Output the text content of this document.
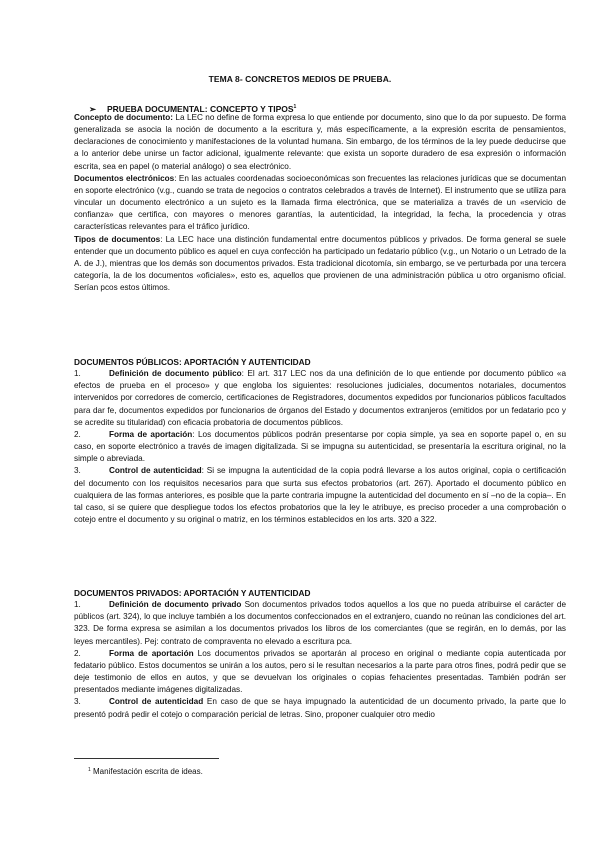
TEMA 8- CONCRETOS MEDIOS DE PRUEBA.
➢ PRUEBA DOCUMENTAL: CONCEPTO Y TIPOS$^1$

Concepto de documento: La LEC no define de forma expresa lo que entiende por documento, sino que lo da por supuesto. De forma generalizada se asocia la noción de documento a la escritura y, más específicamente, a la expresión escrita de pensamientos, declaraciones de conocimiento y manifestaciones de la voluntad humana. Sin embargo, de los términos de la ley puede deducirse que a lo anterior debe unirse un factor adicional, igualmente relevante: que exista un soporte duradero de esa expresión o información escrita, sea en papel (o material análogo) o sea electrónico.

Documentos electrónicos: En las actuales coordenadas socioeconómicas son frecuentes las relaciones jurídicas que se documentan en soporte electrónico (v.g., cuando se trata de negocios o contratos celebrados a través de Internet). El instrumento que se utiliza para vincular un documento electrónico a un sujeto es la llamada firma electrónica, que se materializa a través de un «servicio de confianza» que certifica, con mayores o menores garantías, la autenticidad, la integridad, la fecha, la procedencia y otras características relevantes para el tráfico jurídico.

Tipos de documentos: La LEC hace una distinción fundamental entre documentos públicos y privados. De forma general se suele entender que un documento público es aquel en cuya confección ha participado un fedatario público (v.g., un Notario o un Letrado de la A. de J.), mientras que los demás son documentos privados. Esta tradicional dicotomía, sin embargo, se ve perturbada por una tercera categoría, la de los documentos «oficiales», esto es, aquellos que provienen de una administración pública u otro organismo oficial. Serían pcos estos últimos.

DOCUMENTOS PÚBLICOS: APORTACIÓN Y AUTENTICIDAD

1.	Definición de documento público: El art. 317 LEC nos da una definición de lo que entiende por documento público «a efectos de prueba en el proceso» y que engloba los siguientes: resoluciones judiciales, documentos notariales, documentos intervenidos por corredores de comercio, certificaciones de Registradores, documentos expedidos por funcionarios públicos facultados para dar fe, documentos expedidos por funcionarios de órganos del Estado y documentos extranjeros (emitidos por un fedatario pco y se acredite su titularidad) con eficacia probatoria de documentos públicos.

2.	Forma de aportación: Los documentos públicos podrán presentarse por copia simple, ya sea en soporte papel o, en su caso, en soporte electrónico a través de imagen digitalizada. Si se impugna su autenticidad, se presentaría la escritura original, no la simple o abreviada.

3.	Control de autenticidad: Si se impugna la autenticidad de la copia podrá llevarse a los autos original, copia o certificación del documento con los requisitos necesarios para que surta sus efectos probatorios (art. 267). Aportado el documento público en cualquiera de las formas anteriores, es posible que la parte contraria impugne la autenticidad del documento en sí –no de la copia–. En tal caso, si se quiere que despliegue todos los efectos probatorios que la ley le atribuye, es preciso proceder a una comprobación o cotejo entre el documento y su original o matriz, en los términos establecidos en los arts. 320 a 322.

DOCUMENTOS PRIVADOS: APORTACIÓN Y AUTENTICIDAD

1.	Definición de documento privado Son documentos privados todos aquellos a los que no pueda atribuirse el carácter de públicos (art. 324), lo que incluye también a los documentos confeccionados en el extranjero, cuando no reúnan las condiciones del art. 323. De forma expresa se asimilan a los documentos privados los libros de los comerciantes (que se regirán, en lo demás, por las leyes mercantiles). Pej: contrato de compraventa no elevado a escritura pca.

2.	Forma de aportación Los documentos privados se aportarán al proceso en original o mediante copia autenticada por fedatario público. Estos documentos se unirán a los autos, pero si le resultan necesarios a la parte para otros fines, podrá pedir que se deje testimonio de ellos en autos, y que se devuelvan los originales o copias fehacientes presentadas. También podrán ser presentados mediante imágenes digitalizadas.

3.	Control de autenticidad En caso de que se haya impugnado la autenticidad de un documento privado, la parte que lo presentó podrá pedir el cotejo o comparación pericial de letras. Sino, proponer cualquier otro medio

$^1$ Manifestación escrita de ideas.
